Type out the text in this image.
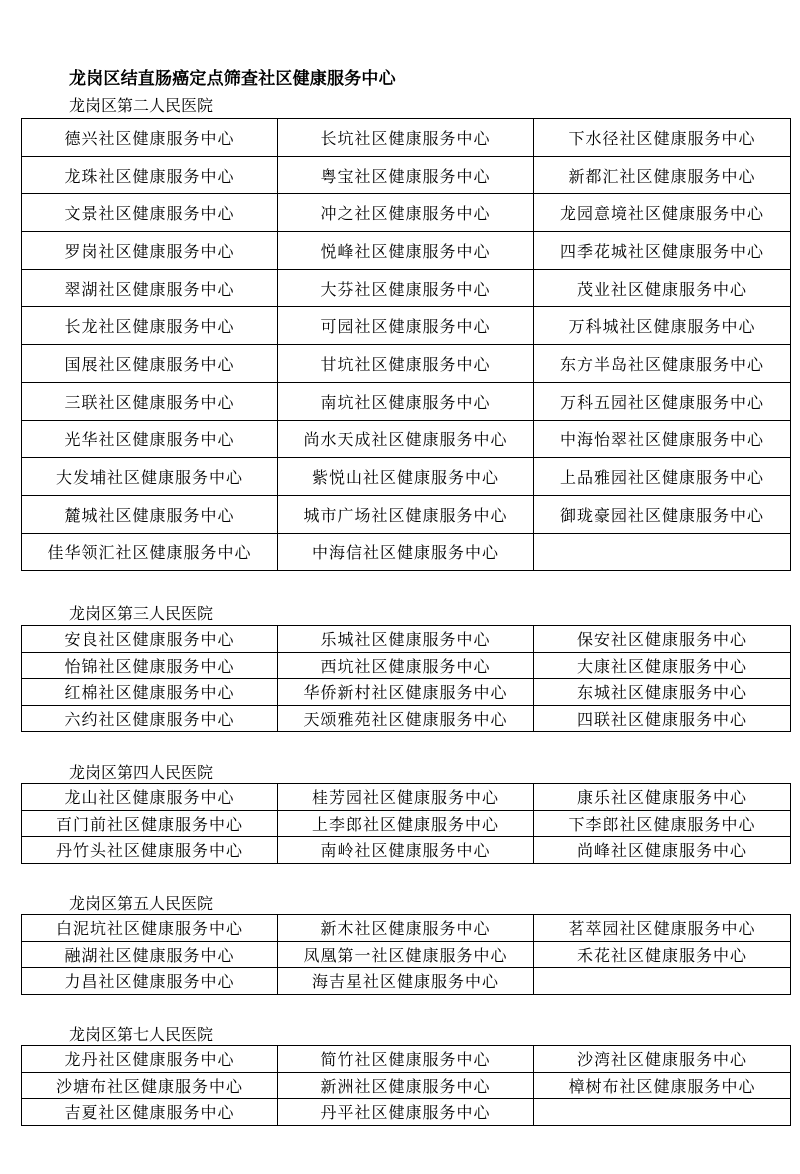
龙岗区结直肠癌定点筛查社区健康服务中心
龙岗区第二人民医院
德兴社区健康服务中心	长坑社区健康服务中心	下水径社区健康服务中心
龙珠社区健康服务中心	粤宝社区健康服务中心	新都汇社区健康服务中心
文景社区健康服务中心	冲之社区健康服务中心	龙园意境社区健康服务中心
罗岗社区健康服务中心	悦峰社区健康服务中心	四季花城社区健康服务中心
翠湖社区健康服务中心	大芬社区健康服务中心	茂业社区健康服务中心
长龙社区健康服务中心	可园社区健康服务中心	万科城社区健康服务中心
国展社区健康服务中心	甘坑社区健康服务中心	东方半岛社区健康服务中心
三联社区健康服务中心	南坑社区健康服务中心	万科五园社区健康服务中心
光华社区健康服务中心	尚水天成社区健康服务中心	中海怡翠社区健康服务中心
大发埔社区健康服务中心	紫悦山社区健康服务中心	上品雅园社区健康服务中心
麓城社区健康服务中心	城市广场社区健康服务中心	御珑豪园社区健康服务中心
佳华领汇社区健康服务中心	中海信社区健康服务中心	
龙岗区第三人民医院
安良社区健康服务中心	乐城社区健康服务中心	保安社区健康服务中心
怡锦社区健康服务中心	西坑社区健康服务中心	大康社区健康服务中心
红棉社区健康服务中心	华侨新村社区健康服务中心	东城社区健康服务中心
六约社区健康服务中心	天颂雅苑社区健康服务中心	四联社区健康服务中心
龙岗区第四人民医院
龙山社区健康服务中心	桂芳园社区健康服务中心	康乐社区健康服务中心
百门前社区健康服务中心	上李郎社区健康服务中心	下李郎社区健康服务中心
丹竹头社区健康服务中心	南岭社区健康服务中心	尚峰社区健康服务中心
龙岗区第五人民医院
白泥坑社区健康服务中心	新木社区健康服务中心	茗萃园社区健康服务中心
融湖社区健康服务中心	凤凰第一社区健康服务中心	禾花社区健康服务中心
力昌社区健康服务中心	海吉星社区健康服务中心	
龙岗区第七人民医院
龙丹社区健康服务中心	简竹社区健康服务中心	沙湾社区健康服务中心
沙塘布社区健康服务中心	新洲社区健康服务中心	樟树布社区健康服务中心
吉夏社区健康服务中心	丹平社区健康服务中心	
